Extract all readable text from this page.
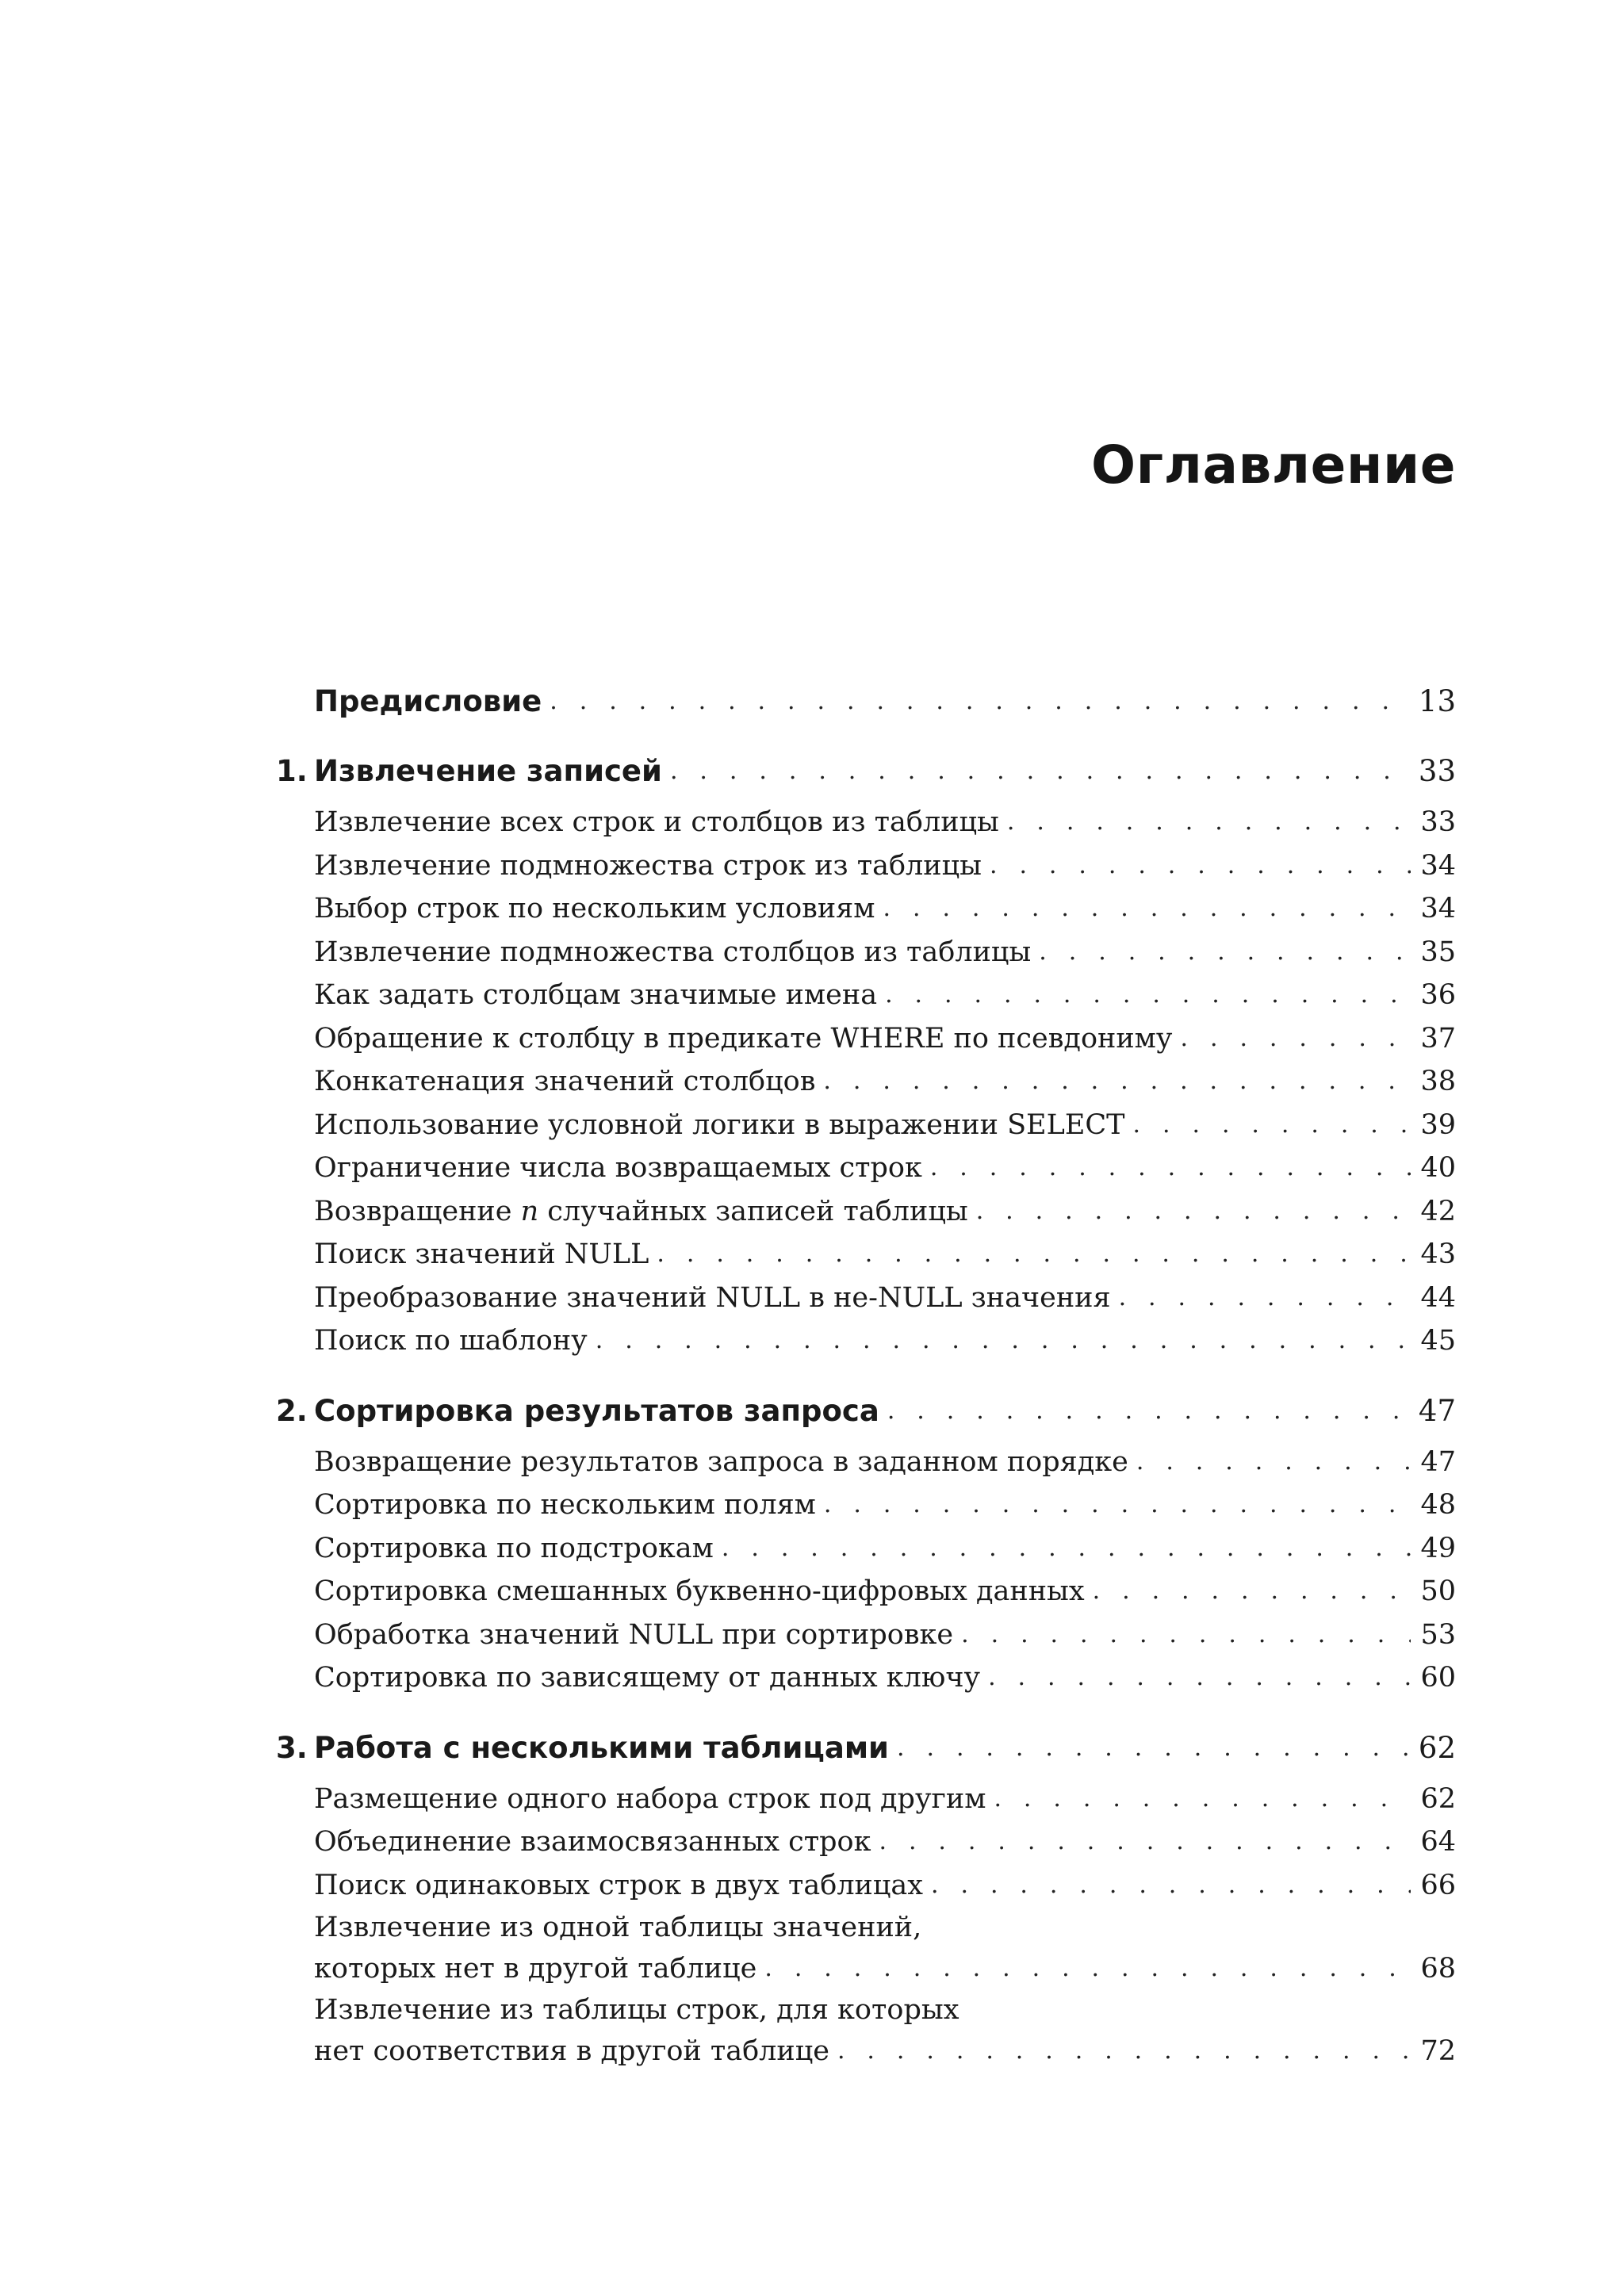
Оглавление
Предисловие . . .	13
1. Извлечение записей . . .	33
Извлечение всех строк и столбцов из таблицы . . .	33
Извлечение подмножества строк из таблицы . . .	34
Выбор строк по нескольким условиям . . .	34
Извлечение подмножества столбцов из таблицы . . .	35
Как задать столбцам значимые имена . . .	36
Обращение к столбцу в предикате WHERE по псевдониму . . .	37
Конкатенация значений столбцов . . .	38
Использование условной логики в выражении SELECT . . .	39
Ограничение числа возвращаемых строк . . .	40
Возвращение n случайных записей таблицы . . .	42
Поиск значений NULL . . .	43
Преобразование значений NULL в не-NULL значения . . .	44
Поиск по шаблону . . .	45
2. Сортировка результатов запроса . . .	47
Возвращение результатов запроса в заданном порядке . . .	47
Сортировка по нескольким полям . . .	48
Сортировка по подстрокам . . .	49
Сортировка смешанных буквенно-цифровых данных . . .	50
Обработка значений NULL при сортировке . . .	53
Сортировка по зависящему от данных ключу . . .	60
3. Работа с несколькими таблицами . . .	62
Размещение одного набора строк под другим . . .	62
Объединение взаимосвязанных строк . . .	64
Поиск одинаковых строк в двух таблицах . . .	66
Извлечение из одной таблицы значений,
которых нет в другой таблице . . .	68
Извлечение из таблицы строк, для которых
нет соответствия в другой таблице . . .	72
